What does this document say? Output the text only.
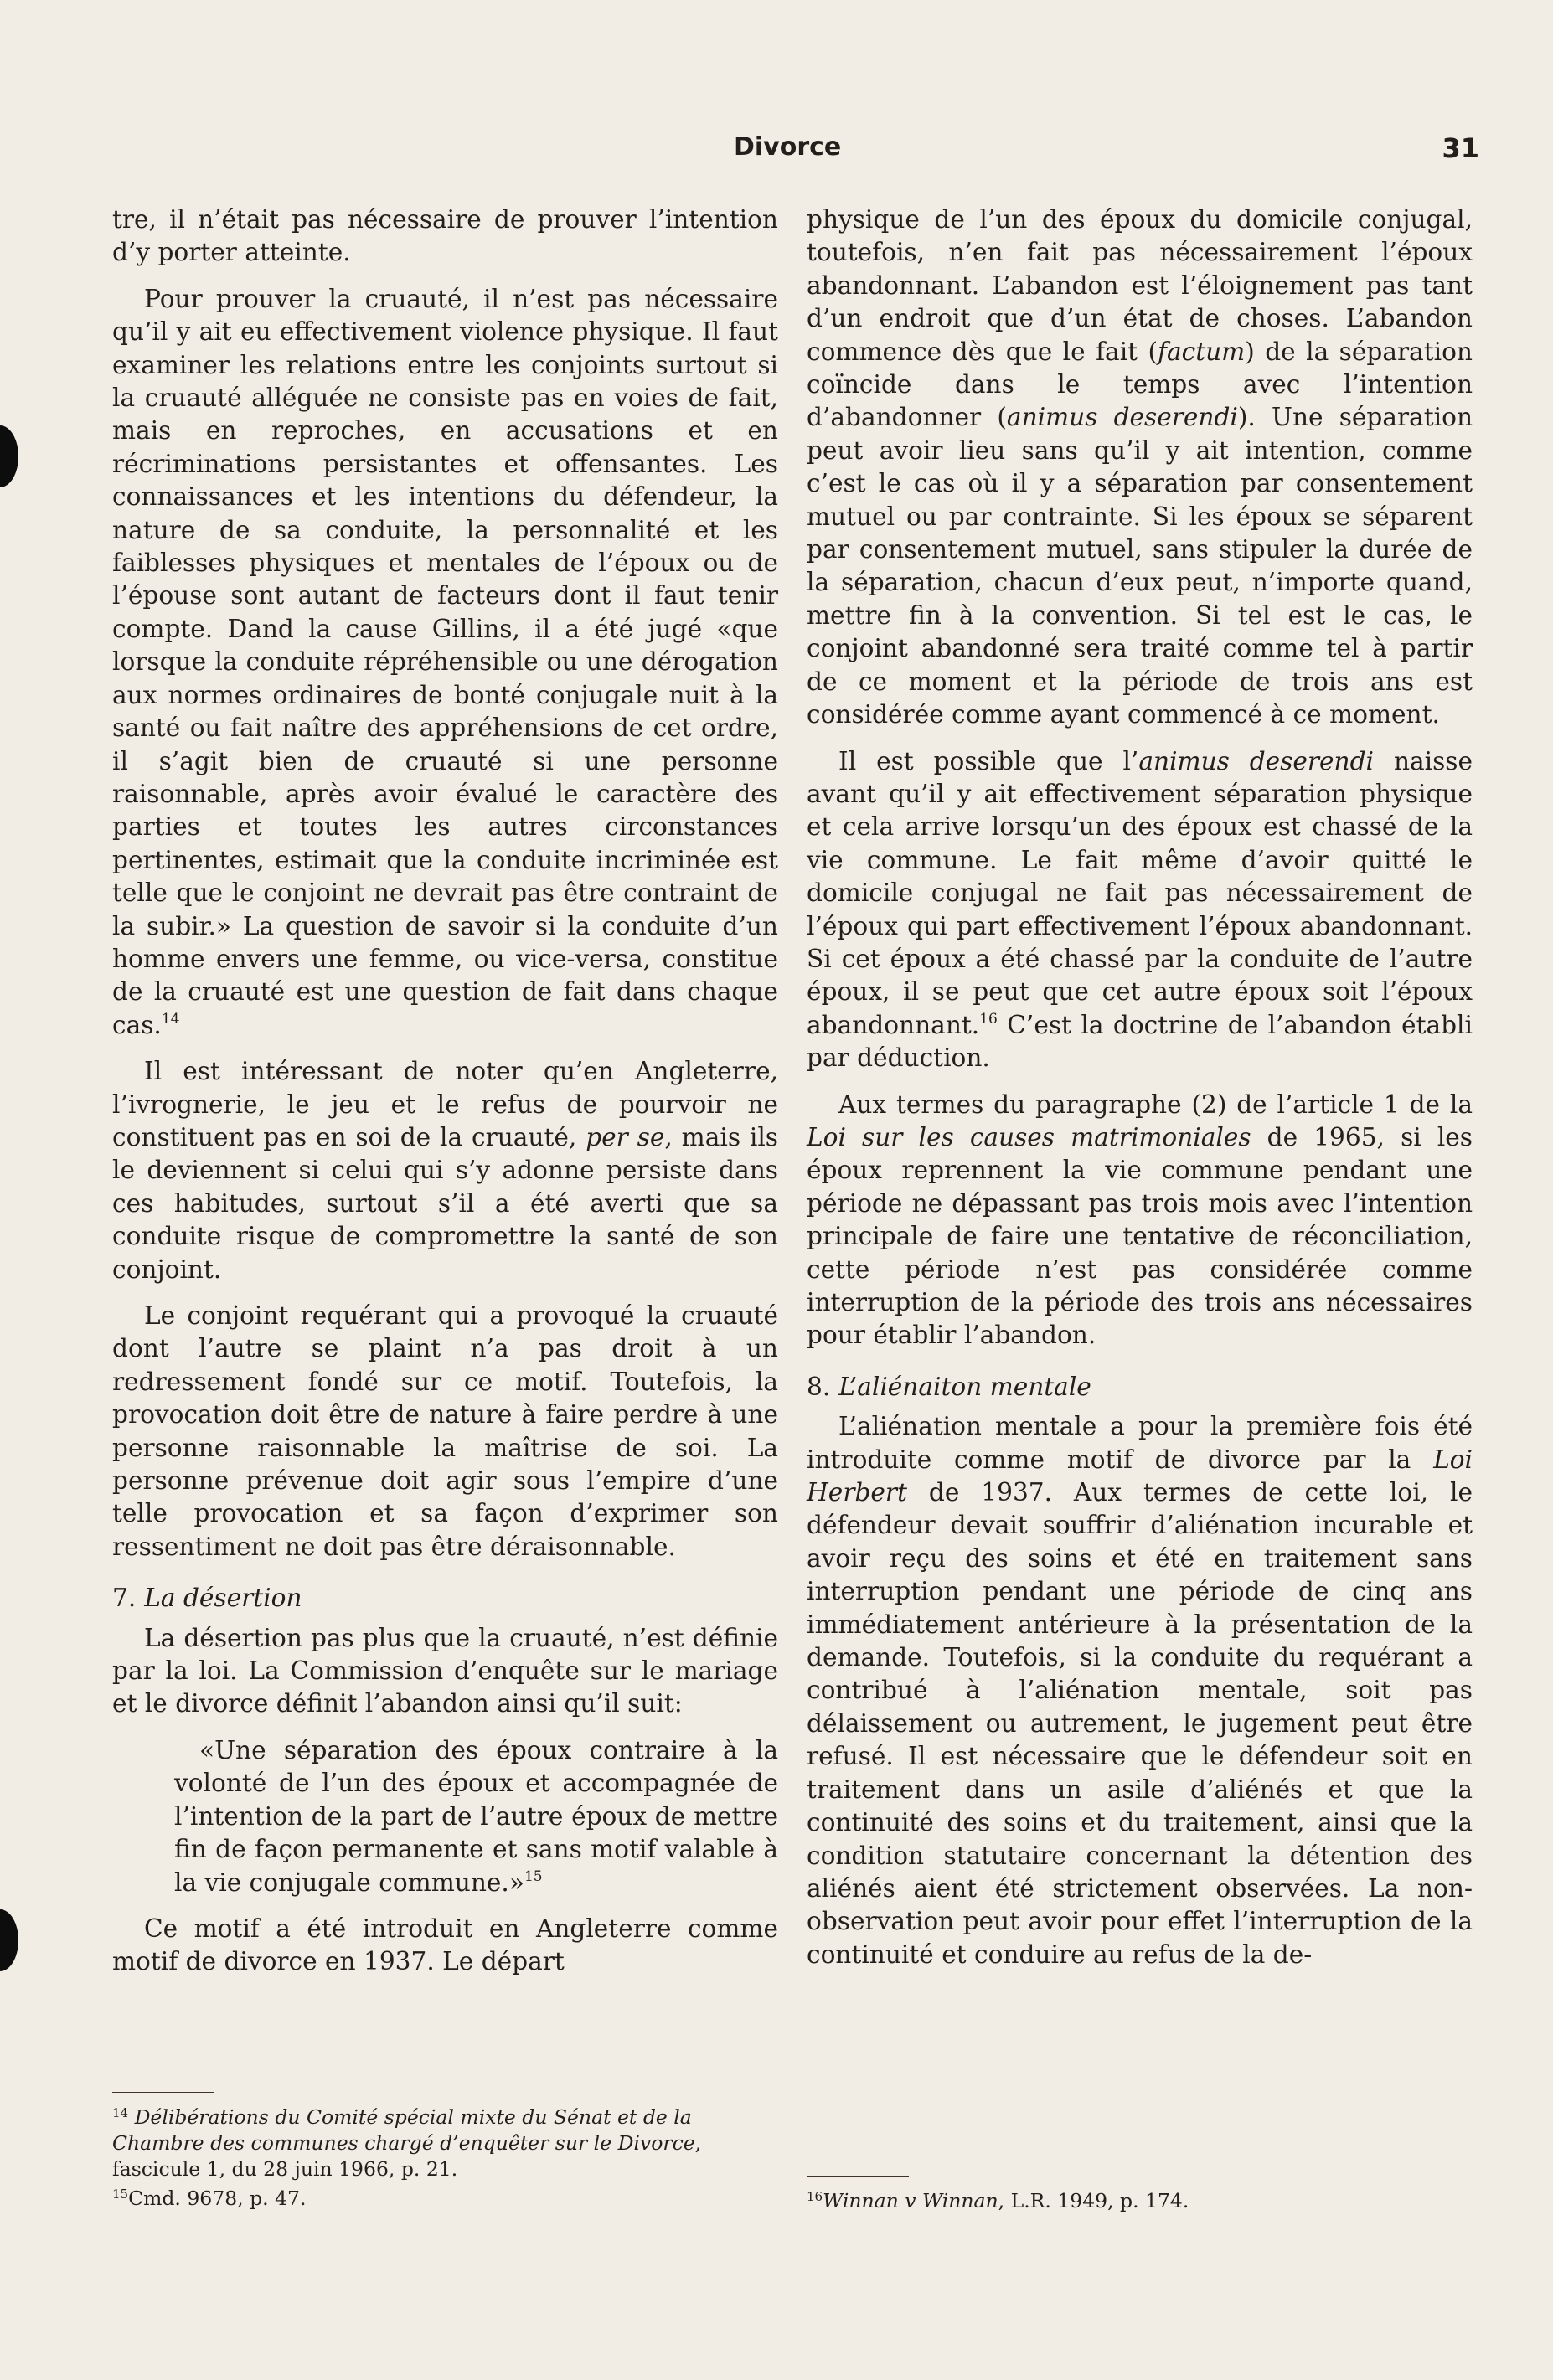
Divorce	31

tre, il n’était pas nécessaire de prouver l’intention d’y porter atteinte.

Pour prouver la cruauté, il n’est pas nécessaire qu’il y ait eu effectivement violence physique. Il faut examiner les relations entre les conjoints surtout si la cruauté alléguée ne consiste pas en voies de fait, mais en reproches, en accusations et en récriminations persistantes et offensantes. Les connaissances et les intentions du défendeur, la nature de sa conduite, la personnalité et les faiblesses physiques et mentales de l’époux ou de l’épouse sont autant de facteurs dont il faut tenir compte. Dand la cause Gillins, il a été jugé «que lorsque la conduite répréhensible ou une dérogation aux normes ordinaires de bonté conjugale nuit à la santé ou fait naître des appréhensions de cet ordre, il s’agit bien de cruauté si une personne raisonnable, après avoir évalué le caractère des parties et toutes les autres circonstances pertinentes, estimait que la conduite incriminée est telle que le conjoint ne devrait pas être contraint de la subir.» La question de savoir si la conduite d’un homme envers une femme, ou vice-versa, constitue de la cruauté est une question de fait dans chaque cas.$^{14}$

Il est intéressant de noter qu’en Angleterre, l’ivrognerie, le jeu et le refus de pourvoir ne constituent pas en soi de la cruauté, per se, mais ils le deviennent si celui qui s’y adonne persiste dans ces habitudes, surtout s’il a été averti que sa conduite risque de compromettre la santé de son conjoint.

Le conjoint requérant qui a provoqué la cruauté dont l’autre se plaint n’a pas droit à un redressement fondé sur ce motif. Toutefois, la provocation doit être de nature à faire perdre à une personne raisonnable la maîtrise de soi. La personne prévenue doit agir sous l’empire d’une telle provocation et sa façon d’exprimer son ressentiment ne doit pas être déraisonnable.

7. La désertion

La désertion pas plus que la cruauté, n’est définie par la loi. La Commission d’enquête sur le mariage et le divorce définit l’abandon ainsi qu’il suit:

«Une séparation des époux contraire à la volonté de l’un des époux et accompagnée de l’intention de la part de l’autre époux de mettre fin de façon permanente et sans motif valable à la vie conjugale commune.»$^{15}$

Ce motif a été introduit en Angleterre comme motif de divorce en 1937. Le départ

$^{14}$ Délibérations du Comité spécial mixte du Sénat et de la Chambre des communes chargé d’enquêter sur le Divorce, fascicule 1, du 28 juin 1966, p. 21.

$^{15}$Cmd. 9678, p. 47.

physique de l’un des époux du domicile conjugal, toutefois, n’en fait pas nécessairement l’époux abandonnant. L’abandon est l’éloignement pas tant d’un endroit que d’un état de choses. L’abandon commence dès que le fait (factum) de la séparation coïncide dans le temps avec l’intention d’abandonner (animus deserendi). Une séparation peut avoir lieu sans qu’il y ait intention, comme c’est le cas où il y a séparation par consentement mutuel ou par contrainte. Si les époux se séparent par consentement mutuel, sans stipuler la durée de la séparation, chacun d’eux peut, n’importe quand, mettre fin à la convention. Si tel est le cas, le conjoint abandonné sera traité comme tel à partir de ce moment et la période de trois ans est considérée comme ayant commencé à ce moment.

Il est possible que l’animus deserendi naisse avant qu’il y ait effectivement séparation physique et cela arrive lorsqu’un des époux est chassé de la vie commune. Le fait même d’avoir quitté le domicile conjugal ne fait pas nécessairement de l’époux qui part effectivement l’époux abandonnant. Si cet époux a été chassé par la conduite de l’autre époux, il se peut que cet autre époux soit l’époux abandonnant.$^{16}$ C’est la doctrine de l’abandon établi par déduction.

Aux termes du paragraphe (2) de l’article 1 de la Loi sur les causes matrimoniales de 1965, si les époux reprennent la vie commune pendant une période ne dépassant pas trois mois avec l’intention principale de faire une tentative de réconciliation, cette période n’est pas considérée comme interruption de la période des trois ans nécessaires pour établir l’abandon.

8. L’aliénaiton mentale

L’aliénation mentale a pour la première fois été introduite comme motif de divorce par la Loi Herbert de 1937. Aux termes de cette loi, le défendeur devait souffrir d’aliénation incurable et avoir reçu des soins et été en traitement sans interruption pendant une période de cinq ans immédiatement antérieure à la présentation de la demande. Toutefois, si la conduite du requérant a contribué à l’aliénation mentale, soit pas délaissement ou autrement, le jugement peut être refusé. Il est nécessaire que le défendeur soit en traitement dans un asile d’aliénés et que la continuité des soins et du traitement, ainsi que la condition statutaire concernant la détention des aliénés aient été strictement observées. La non-observation peut avoir pour effet l’interruption de la continuité et conduire au refus de la de-

$^{16}$Winnan v Winnan, L.R. 1949, p. 174.
